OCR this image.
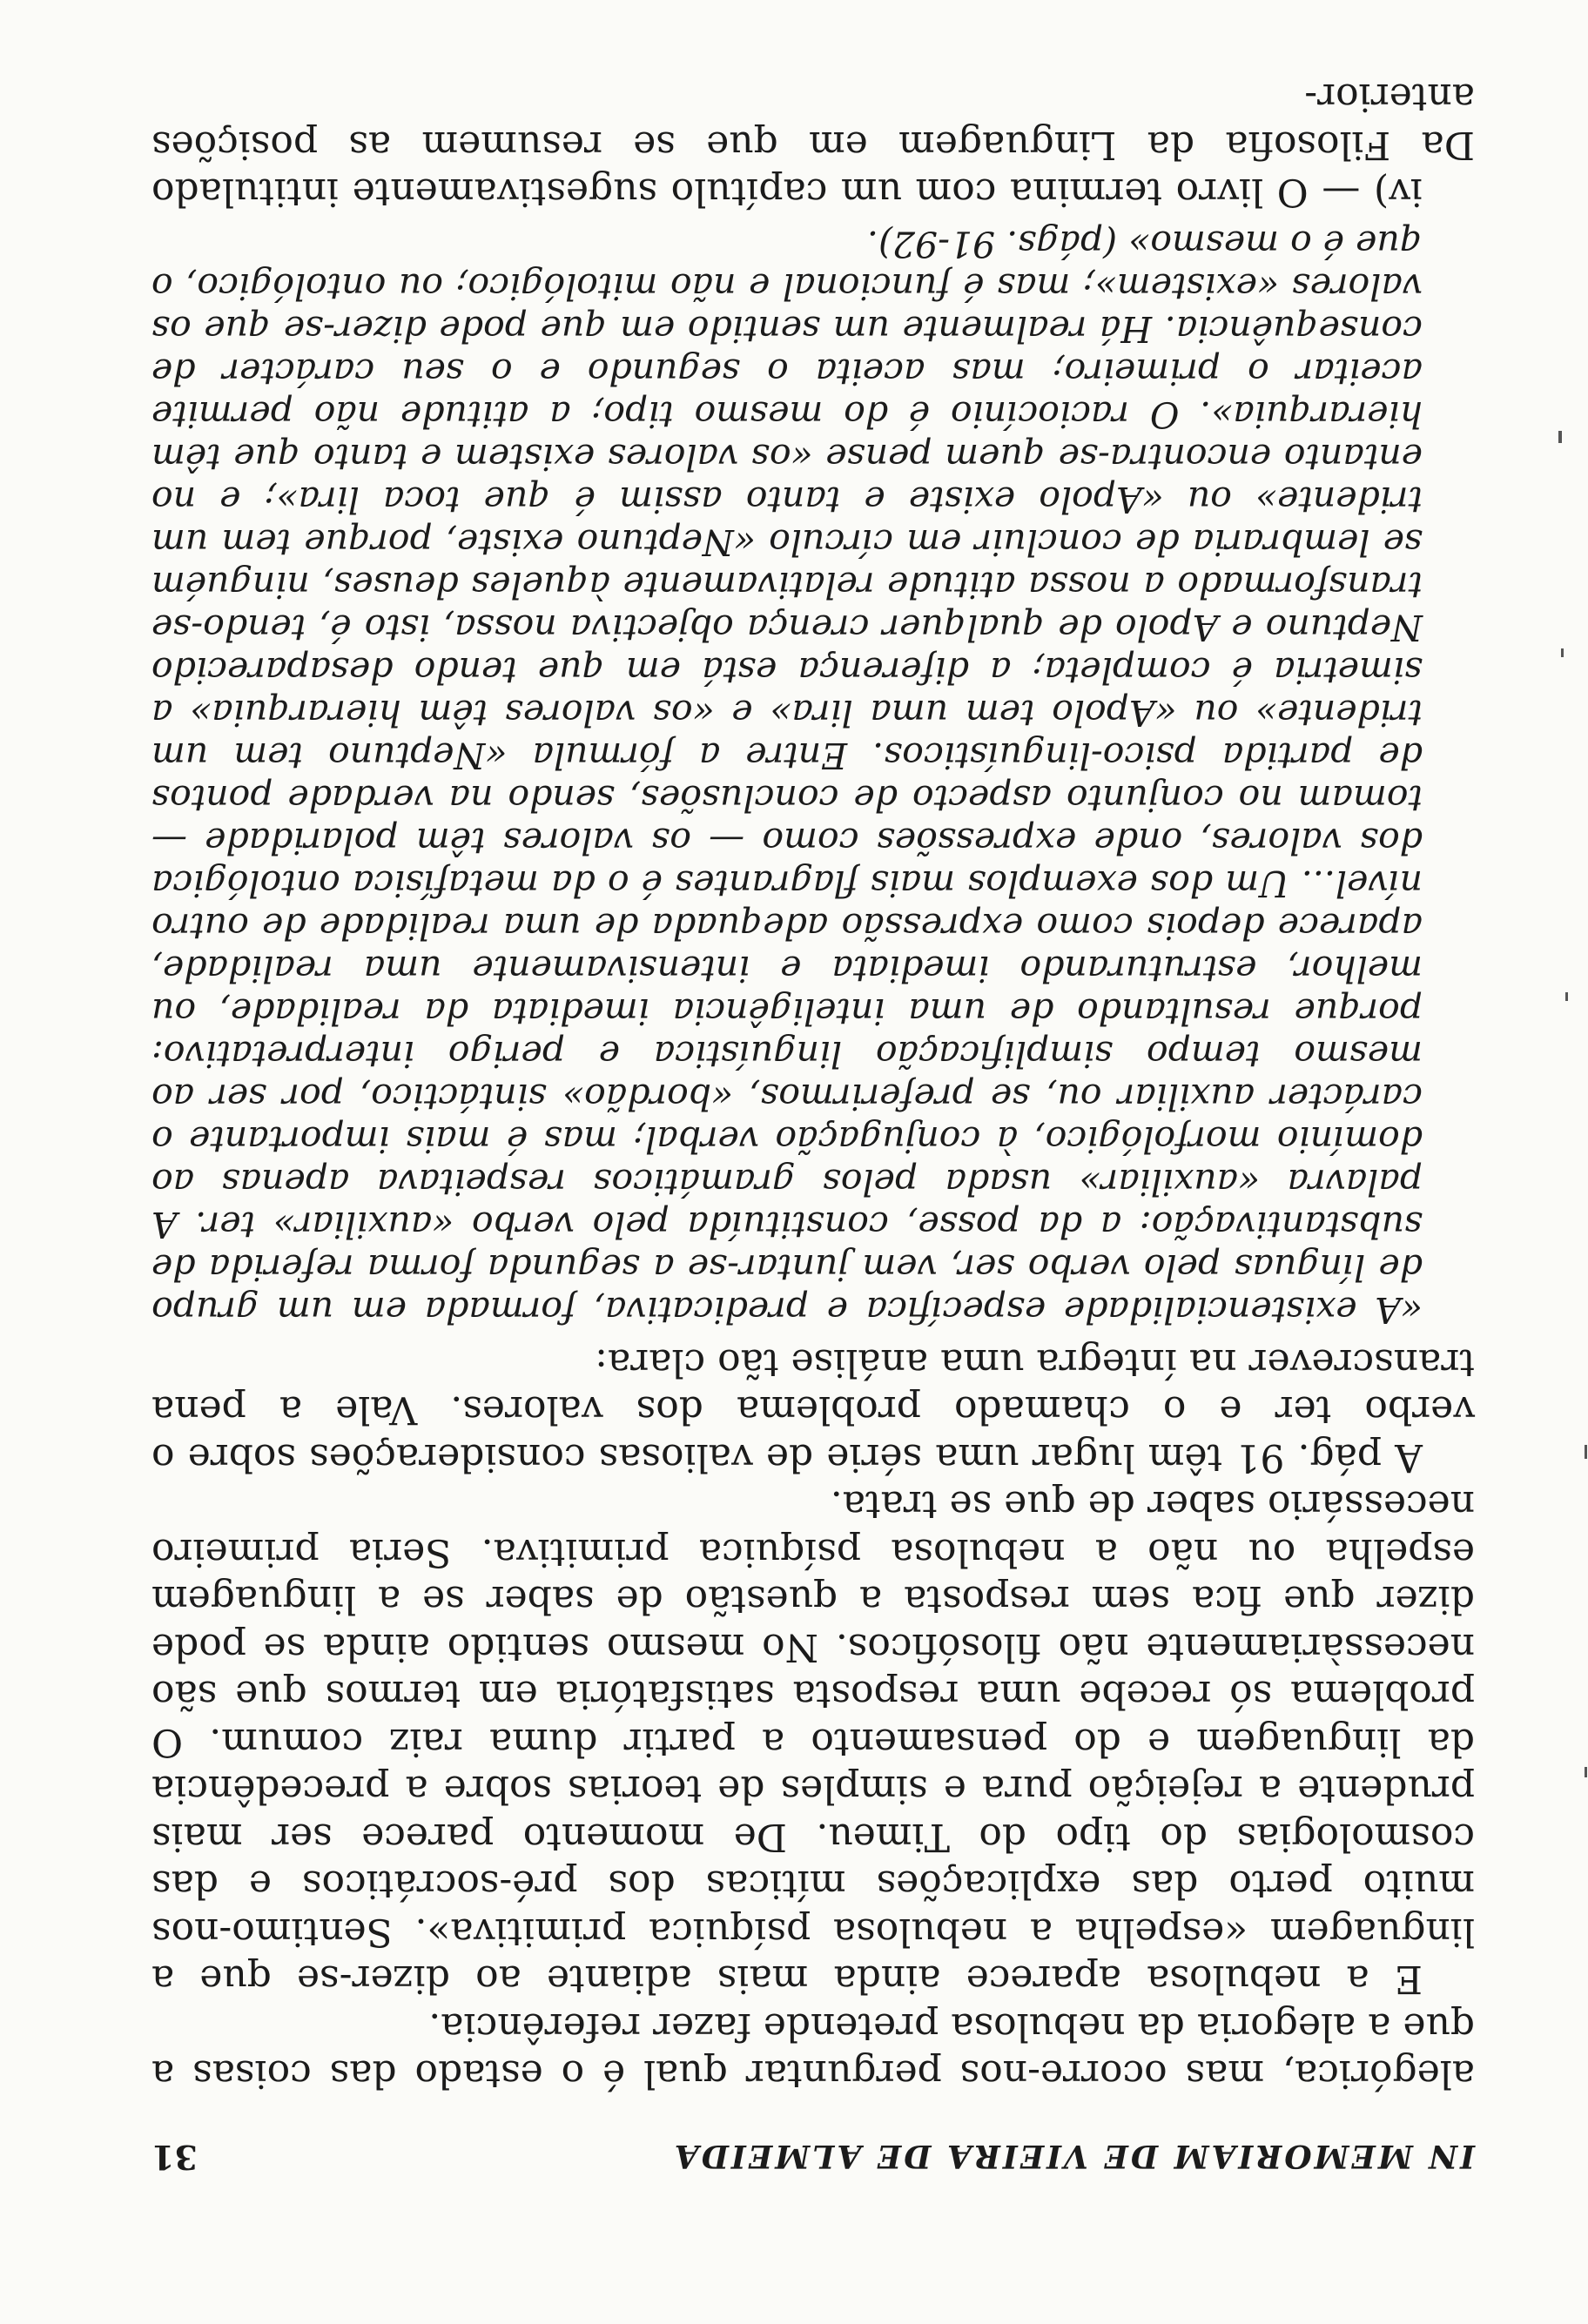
IN MEMORIAM DE VIEIRA DE ALMEIDA
31

alegórica, mas ocorre-nos perguntar qual é o estado das coisas a que a alegoria da nebulosa pretende fazer referência.

E a nebulosa aparece ainda mais adiante ao dizer-se que a linguagem «espelha a nebulosa psíquica primitiva». Sentimo-nos muito perto das explicações míticas dos pré-socráticos e das cosmologias do tipo do Timeu. De momento parece ser mais prudente a rejeição pura e simples de teorias sobre a precedência da linguagem e do pensamento a partir duma raiz comum. O problema só recebe uma resposta satisfatória em termos que são necessàriamente não filosóficos. No mesmo sentido ainda se pode dizer que fica sem resposta a questão de saber se a linguagem espelha ou não a nebulosa psíquica primitiva. Seria primeiro necessário saber de que se trata.

A pág. 91 têm lugar uma série de valiosas considerações sobre o verbo ter e o chamado problema dos valores. Vale a pena transcrever na íntegra uma análise tão clara:

«A existencialidade específica e predicativa, formada em um grupo de línguas pelo verbo ser, vem juntar-se a segunda forma referida de substantivação: a da posse, constituída pelo verbo «auxiliar» ter. A palavra «auxiliar» usada pelos gramáticos respeitava apenas ao domínio morfológico, à conjugação verbal; mas é mais importante o carácter auxiliar ou, se preferirmos, «bordão» sintáctico, por ser ao mesmo tempo simplificação linguística e perigo interpretativo: porque resultando de uma inteligência imediata da realidade, ou melhor, estruturando imediata e intensivamente uma realidade, aparece depois como expressão adequada de uma realidade de outro nível... Um dos exemplos mais flagrantes é o da metafísica ontológica dos valores, onde expressões como — os valores têm polaridade — tomam no conjunto aspecto de conclusões, sendo na verdade pontos de partida psico-linguísticos. Entre a fórmula «Neptuno tem um tridente» ou «Apolo tem uma lira» e «os valores têm hierarquia» a simetria é completa; a diferença está em que tendo desaparecido Neptuno e Apolo de qualquer crença objectiva nossa, isto é, tendo-se transformado a nossa atitude relativamente àqueles deuses, ninguém se lembraria de concluir em círculo «Neptuno existe, porque tem um tridente» ou «Apolo existe e tanto assim é que toca lira»; e no entanto encontra-se quem pense «os valores existem e tanto que têm hierarquia». O raciocínio é do mesmo tipo; a atitude não permite aceitar o primeiro; mas aceita o segundo e o seu carácter de consequência. Há realmente um sentido em que pode dizer-se que os valores «existem»; mas é funcional e não mitológico; ou ontológico, o que é o mesmo» (págs. 91-92).

iv) — O livro termina com um capítulo sugestivamente intitulado Da Filosofia da Linguagem em que se resumem as posições anterior-
